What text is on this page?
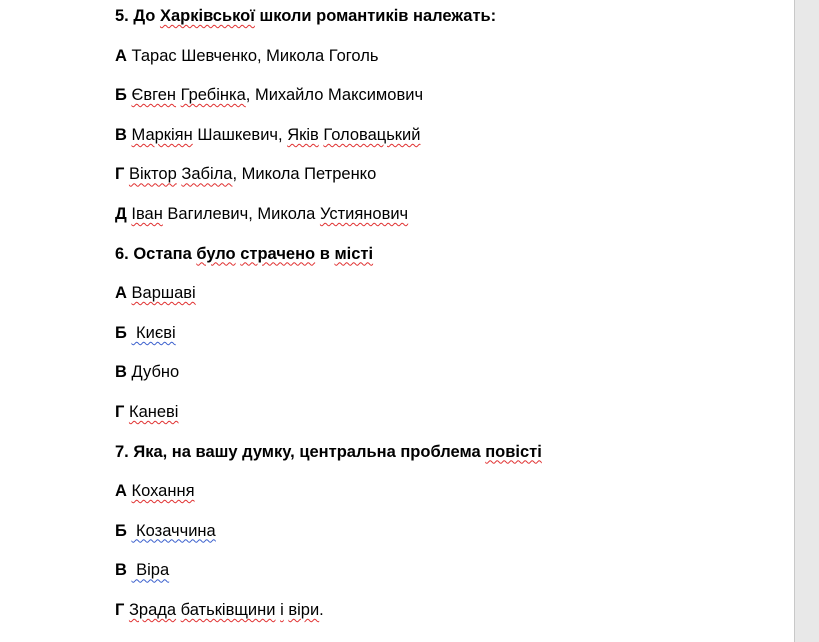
5. До Харківської школи романтиків належать:
А Тарас Шевченко, Микола Гоголь
Б Євген Гребінка, Михайло Максимович
В Маркіян Шашкевич, Яків Головацький
Г Віктор Забіла, Микола Петренко
Д Іван Вагилевич, Микола Устиянович
6. Остапа було страчено в місті
А Варшаві
Б  Києві
В Дубно
Г Каневі
7. Яка, на вашу думку, центральна проблема повісті
А Кохання
Б  Козаччина
В  Віра
Г Зрада батьківщини і віри.
